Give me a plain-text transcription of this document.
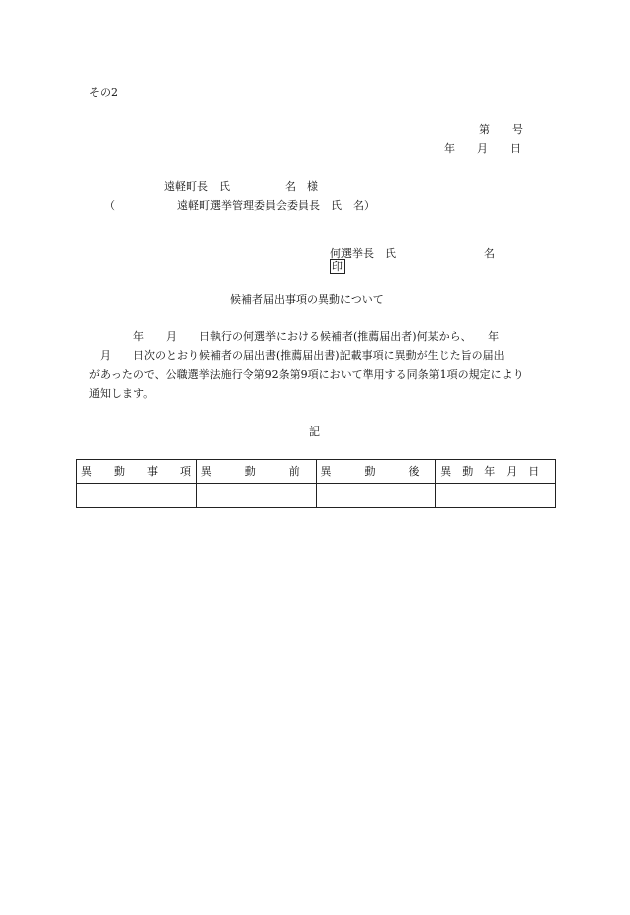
その2
第　　号
年　　月　　日
遠軽町長　氏　　　　　名　様
（	遠軽町選挙管理委員会委員長　氏　名）

何選挙長　氏　　　　　　　　名
印

候補者届出事項の異動について
　　　　年　　月　　日執行の何選挙における候補者(推薦届出者)何某から、　　年
　月　　日次のとおり候補者の届出書(推薦届出書)記載事項に異動が生じた旨の届出
があったので、公職選挙法施行令第92条第9項において準用する同条第1項の規定により
通知します。
記
異　　動　　事　　項	異　　　動　　　前	異　　　動　　　後	異　動　年　月　日
